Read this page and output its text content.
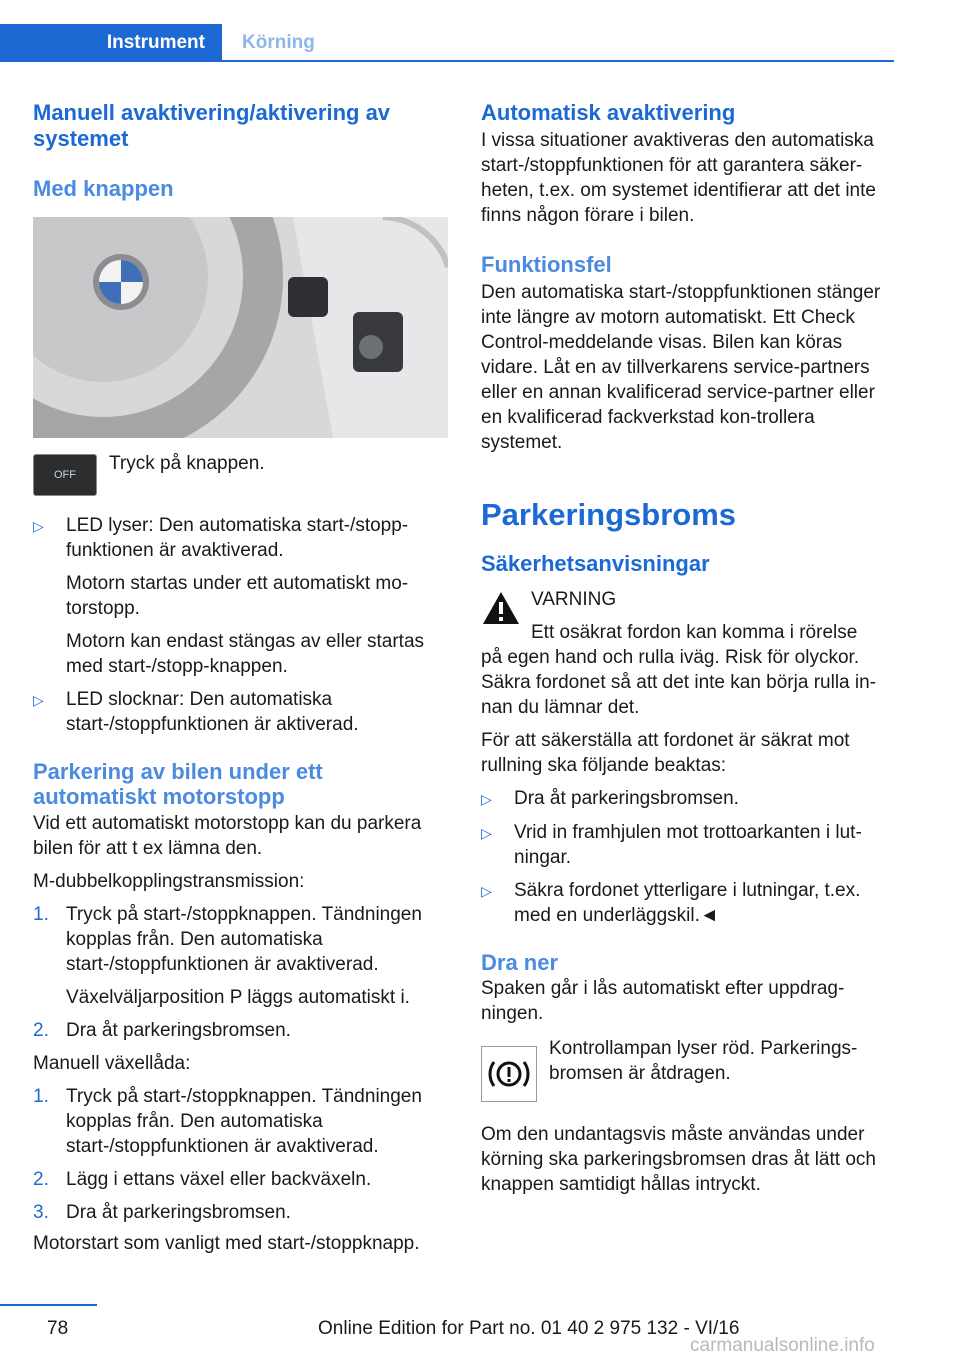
Instrument	Körning
Manuell avaktivering/aktivering av systemet
Med knappen
OFF

Tryck på knappen.

▷	LED lyser: Den automatiska start-/stopp-funktionen är avaktiverad.

Motorn startas under ett automatiskt mo-torstopp.

Motorn kan endast stängas av eller startas med start-/stopp-knappen.

▷	LED slocknar: Den automatiska start-/stoppfunktionen är aktiverad.

Parkering av bilen under ett automatiskt motorstopp

Vid ett automatiskt motorstopp kan du parkera bilen för att t ex lämna den.

M-dubbelkopplingstransmission:

1. Tryck på start-/stoppknappen. Tändningen kopplas från. Den automatiska start-/stoppfunktionen är avaktiverad.

Växelväljarposition P läggs automatiskt i.

2. Dra åt parkeringsbromsen.

Manuell växellåda:

1. Tryck på start-/stoppknappen. Tändningen kopplas från. Den automatiska start-/stoppfunktionen är avaktiverad.

2. Lägg i ettans växel eller backväxeln.

3. Dra åt parkeringsbromsen.

Motorstart som vanligt med start-/stoppknapp.

Automatisk avaktivering

I vissa situationer avaktiveras den automatiska start-/stoppfunktionen för att garantera säker-heten, t.ex. om systemet identifierar att det inte finns någon förare i bilen.

Funktionsfel

Den automatiska start-/stoppfunktionen stänger inte längre av motorn automatiskt. Ett Check Control-meddelande visas. Bilen kan köras vidare. Låt en av tillverkarens service-partners eller en annan kvalificerad service-partner eller en kvalificerad fackverkstad kon-trollera systemet.

Parkeringsbroms
Säkerhetsanvisningar

VARNING

Ett osäkrat fordon kan komma i rörelse

på egen hand och rulla iväg. Risk för olyckor. Säkra fordonet så att det inte kan börja rulla in-nan du lämnar det.

För att säkerställa att fordonet är säkrat mot rullning ska följande beaktas:

▷	Dra åt parkeringsbromsen.

▷	Vrid in framhjulen mot trottoarkanten i lut-ningar.

▷	Säkra fordonet ytterligare i lutningar, t.ex. med en underläggskil.◄

Dra ner

Spaken går i lås automatiskt efter uppdrag-ningen.

Kontrollampan lyser röd. Parkerings-bromsen är åtdragen.

Om den undantagsvis måste användas under körning ska parkeringsbromsen dras åt lätt och knappen samtidigt hållas intryckt.

78	Online Edition for Part no. 01 40 2 975 132 - VI/16
carmanualsonline.info
